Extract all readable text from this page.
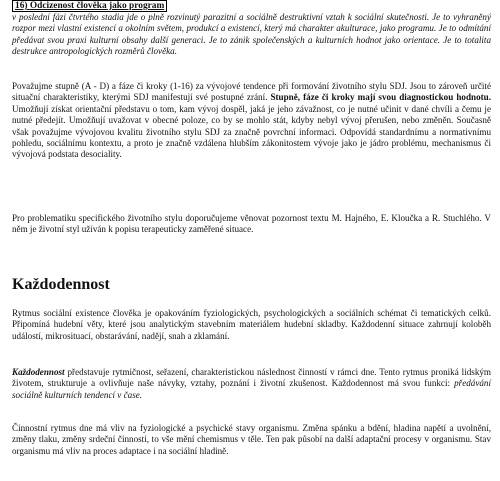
16) Odcizenost člověka jako program

v poslední fázi čtvrtého stadia jde o plně rozvinutý parazitní a sociálně destruktivní vztah k sociální skutečnosti. Je to vyhraněný rozpor mezi vlastní existencí a okolním světem, produkcí a existencí, který má charakter akulturace, jako programu. Je to odmítání předávat svou praxi kulturní obsahy další generaci. Je to zánik společenských a kulturních hodnot jako orientace. Je to totalita destrukce antropologických rozměrů člověka.

Považujme stupně (A - D) a fáze či kroky (1-16) za vývojové tendence při formování životního stylu SDJ. Jsou to zároveň určité situační charakteristiky, kterými SDJ manifestují své postupné zrání. Stupně, fáze či kroky mají svou diagnostickou hodnotu. Umožňují získat orientační představu o tom, kam vývoj dospěl, jaká je jeho závažnost, co je nutné učinit v dané chvíli a čemu je nutné předejít. Umožňují uvažovat v obecné poloze, co by se mohlo stát, kdyby nebyl vývoj přerušen, nebo změněn. Současně však považujme vývojovou kvalitu životního stylu SDJ za značně povrchní informaci. Odpovídá standardnímu a normativnímu pohledu, sociálnímu kontextu, a proto je značně vzdálena hlubším zákonitostem vývoje jako je jádro problému, mechanismus či vývojová podstata desociality.

Pro problematiku specifického životního stylu doporučujeme věnovat pozornost textu M. Hajného, E. Kloučka a R. Stuchlého. V něm je životní styl užíván k popisu terapeuticky zaměřené situace.

Každodennost

Rytmus sociální existence člověka je opakováním fyziologických, psychologických a sociálních schémat či tematických celků. Připomíná hudební věty, které jsou analytickým stavebním materiálem hudební skladby. Každodenní situace zahrnují koloběh událostí, mikrosituací, obstarávání, nadějí, snah a zklamání.

Každodennost představuje rytmičnost, seřazení, charakteristickou následnost činností v rámci dne. Tento rytmus proniká lidským životem, strukturuje a ovlivňuje naše návyky, vztahy, poznání i životní zkušenost. Každodennost má svou funkci: předávání sociálně kulturních tendencí v čase.

Činnostní rytmus dne má vliv na fyziologické a psychické stavy organismu. Změna spánku a bdění, hladina napětí a uvolnění, změny tlaku, změny srdeční činnosti, to vše mění chemismus v těle. Ten pak působí na další adaptační procesy v organismu. Stav organismu má vliv na proces adaptace i na sociální hladině.
